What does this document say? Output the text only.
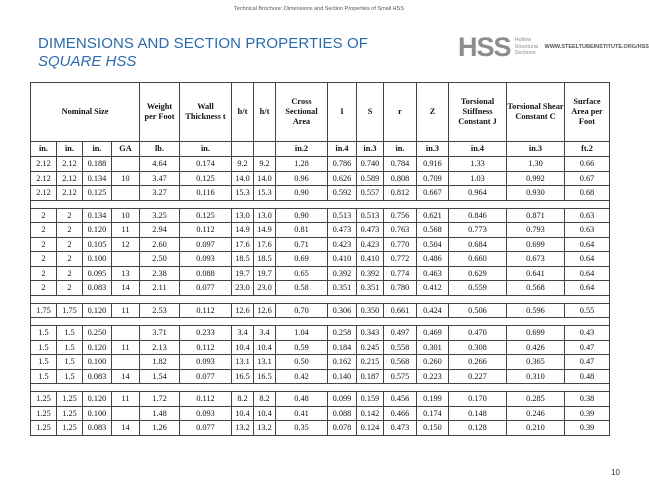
Technical Brochure: Dimensions and Section Properties of Small HSS
DIMENSIONS AND SECTION PROPERTIES OF
SQUARE HSS	HSS Hollow Structural Sections
WWW.STEELTUBEINSTITUTE.ORG/HSS
Nominal Size				Weight per Foot	Wall Thickness t	b/t	h/t	Cross Sectional Area	I	S	r	Z	Torsional Stiffness Constant J	Torsional Shear Constant C	Surface Area per Foot
in.	in.	in.	GA	lb.	in.			in.2	in.4	in.3	in.	in.3	in.4	in.3	ft.2
2.12	2.12	0.188		4.64	0.174	9.2	9.2	1.28	0.786	0.740	0.784	0.916	1.33	1.30	0.66
2.12	2.12	0.134	10	3.47	0.125	14.0	14.0	0.96	0.626	0.589	0.808	0.709	1.03	0.992	0.67
2.12	2.12	0.125		3.27	0.116	15.3	15.3	0.90	0.592	0.557	0.812	0.667	0.964	0.930	0.68

2	2	0.134	10	3.25	0.125	13.0	13.0	0.90	0.513	0.513	0.756	0.621	0.846	0.871	0.63
2	2	0.120	11	2.94	0.112	14.9	14.9	0.81	0.473	0.473	0.763	0.568	0.773	0.793	0.63
2	2	0.105	12	2.60	0.097	17.6	17.6	0.71	0.423	0.423	0.770	0.504	0.684	0.699	0.64
2	2	0.100		2.50	0.093	18.5	18.5	0.69	0.410	0.410	0.772	0.486	0.660	0.673	0.64
2	2	0.095	13	2.38	0.088	19.7	19.7	0.65	0.392	0.392	0.774	0.463	0.629	0.641	0.64
2	2	0.083	14	2.11	0.077	23.0	23.0	0.58	0.351	0.351	0.780	0.412	0.559	0.568	0.64

1.75	1.75	0.120	11	2.53	0.112	12.6	12.6	0.70	0.306	0.350	0.661	0.424	0.506	0.596	0.55

1.5	1.5	0.250		3.71	0.233	3.4	3.4	1.04	0.258	0.343	0.497	0.469	0.470	0.699	0.43
1.5	1.5	0.120	11	2.13	0.112	10.4	10.4	0.59	0.184	0.245	0.558	0.301	0.308	0.426	0.47
1.5	1.5	0.100		1.82	0.093	13.1	13.1	0.50	0.162	0.215	0.568	0.260	0.266	0.365	0.47
1.5	1.5	0.083	14	1.54	0.077	16.5	16.5	0.42	0.140	0.187	0.575	0.223	0.227	0.310	0.48

1.25	1.25	0.120	11	1.72	0.112	8.2	8.2	0.48	0.099	0.159	0.456	0.199	0.170	0.285	0.38
1.25	1.25	0.100		1.48	0.093	10.4	10.4	0.41	0.088	0.142	0.466	0.174	0.148	0.246	0.39
1.25	1.25	0.083	14	1.26	0.077	13.2	13.2	0.35	0.078	0.124	0.473	0.150	0.128	0.210	0.39
10
